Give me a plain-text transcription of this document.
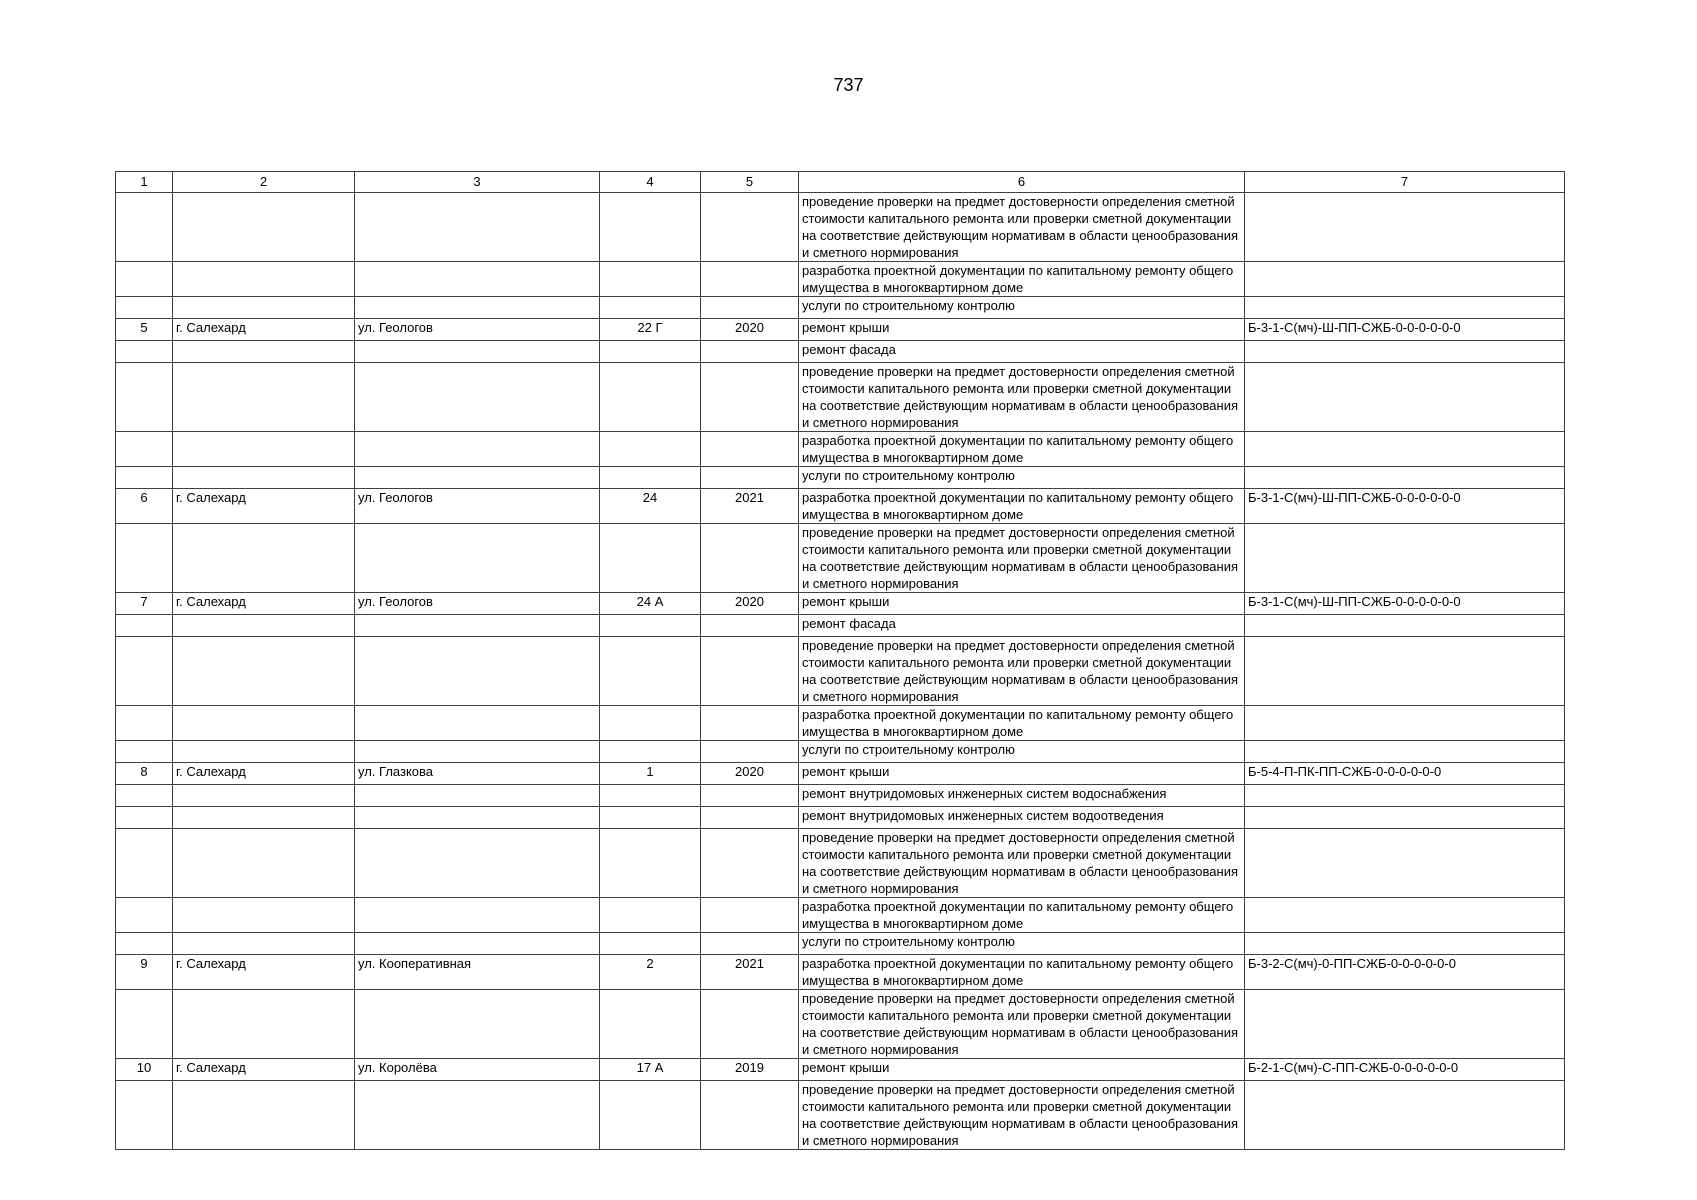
737
1	2	3	4	5	6	7
					проведение проверки на предмет достоверности определения сметной стоимости капитального ремонта или проверки сметной документации на соответствие действующим нормативам в области ценообразования и сметного нормирования	
					разработка проектной документации по капитальному ремонту общего имущества в многоквартирном доме	
					услуги по строительному контролю	
5	г. Салехард	ул. Геологов	22 Г	2020	ремонт крыши	Б-3-1-С(мч)-Ш-ПП-СЖБ-0-0-0-0-0-0
					ремонт фасада	
					проведение проверки на предмет достоверности определения сметной стоимости капитального ремонта или проверки сметной документации на соответствие действующим нормативам в области ценообразования и сметного нормирования	
					разработка проектной документации по капитальному ремонту общего имущества в многоквартирном доме	
					услуги по строительному контролю	
6	г. Салехард	ул. Геологов	24	2021	разработка проектной документации по капитальному ремонту общего имущества в многоквартирном доме	Б-3-1-С(мч)-Ш-ПП-СЖБ-0-0-0-0-0-0
					проведение проверки на предмет достоверности определения сметной стоимости капитального ремонта или проверки сметной документации на соответствие действующим нормативам в области ценообразования и сметного нормирования	
7	г. Салехард	ул. Геологов	24 А	2020	ремонт крыши	Б-3-1-С(мч)-Ш-ПП-СЖБ-0-0-0-0-0-0
					ремонт фасада	
					проведение проверки на предмет достоверности определения сметной стоимости капитального ремонта или проверки сметной документации на соответствие действующим нормативам в области ценообразования и сметного нормирования	
					разработка проектной документации по капитальному ремонту общего имущества в многоквартирном доме	
					услуги по строительному контролю	
8	г. Салехард	ул. Глазкова	1	2020	ремонт крыши	Б-5-4-П-ПК-ПП-СЖБ-0-0-0-0-0-0
					ремонт внутридомовых инженерных систем водоснабжения	
					ремонт внутридомовых инженерных систем водоотведения	
					проведение проверки на предмет достоверности определения сметной стоимости капитального ремонта или проверки сметной документации на соответствие действующим нормативам в области ценообразования и сметного нормирования	
					разработка проектной документации по капитальному ремонту общего имущества в многоквартирном доме	
					услуги по строительному контролю	
9	г. Салехард	ул. Кооперативная	2	2021	разработка проектной документации по капитальному ремонту общего имущества в многоквартирном доме	Б-3-2-С(мч)-0-ПП-СЖБ-0-0-0-0-0-0
					проведение проверки на предмет достоверности определения сметной стоимости капитального ремонта или проверки сметной документации на соответствие действующим нормативам в области ценообразования и сметного нормирования	
10	г. Салехард	ул. Королёва	17 А	2019	ремонт крыши	Б-2-1-С(мч)-С-ПП-СЖБ-0-0-0-0-0-0
					проведение проверки на предмет достоверности определения сметной стоимости капитального ремонта или проверки сметной документации на соответствие действующим нормативам в области ценообразования и сметного нормирования	
